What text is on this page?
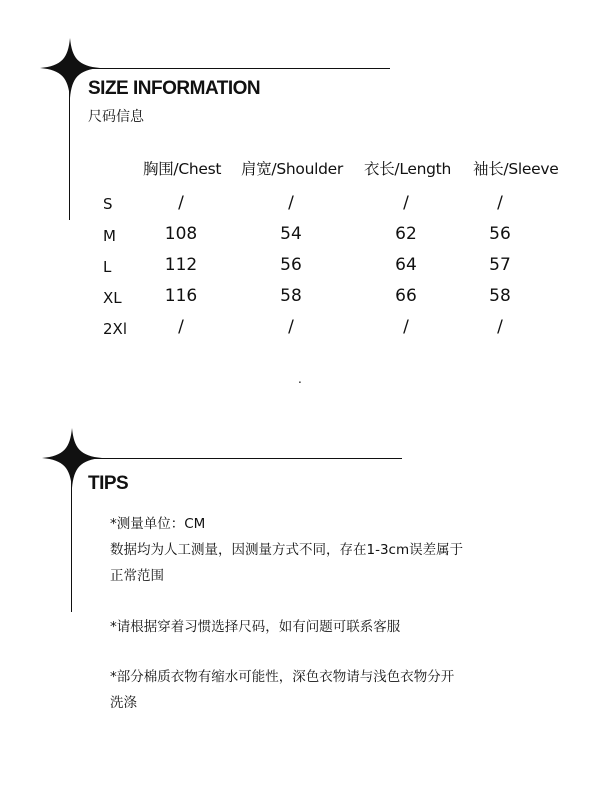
SIZE INFORMATION
尺码信息
胸围/Chest 肩宽/Shoulder 衣长/Length 袖长/Sleeve
S	/	/	/	/
M	108	54	62	56
L	112	56	64	57
XL	116	58	66	58
2Xl	/	/	/	/
.
TIPS
*测量单位：CM
数据均为人工测量，因测量方式不同，存在1-3cm误差属于
正常范围
*请根据穿着习惯选择尺码，如有问题可联系客服
*部分棉质衣物有缩水可能性，深色衣物请与浅色衣物分开
洗涤
